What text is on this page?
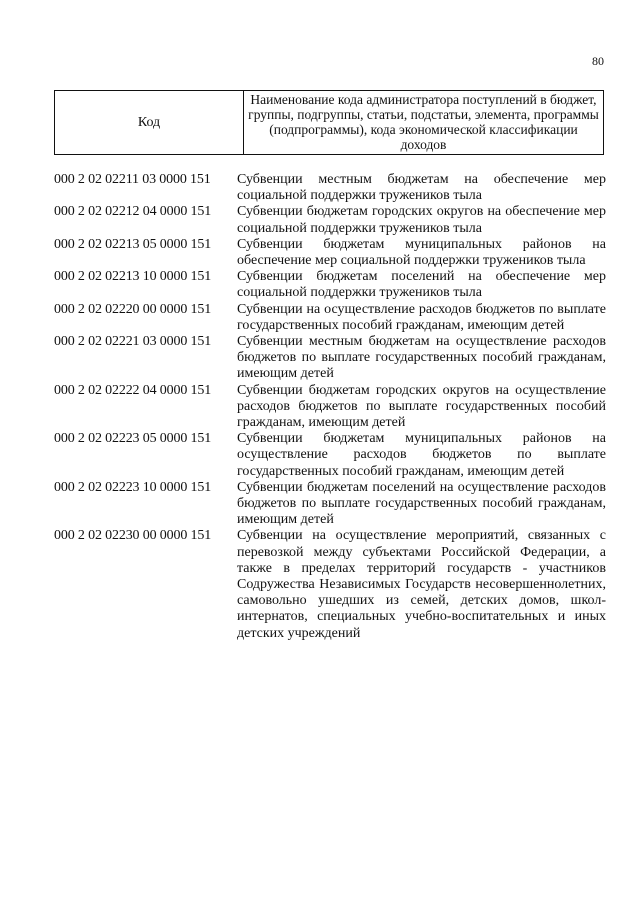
80
Код	Наименование кода администратора поступлений в бюджет, группы, подгруппы, статьи, подстатьи, элемента, программы (подпрограммы), кода экономической классификации доходов
000 2 02 02211 03 0000 151	Субвенции местным бюджетам на обеспечение мер социальной поддержки тружеников тыла
000 2 02 02212 04 0000 151	Субвенции бюджетам городских округов на обеспечение мер социальной поддержки тружеников тыла
000 2 02 02213 05 0000 151	Субвенции бюджетам муниципальных районов на обеспечение мер социальной поддержки тружеников тыла
000 2 02 02213 10 0000 151	Субвенции бюджетам поселений на обеспечение мер социальной поддержки тружеников тыла
000 2 02 02220 00 0000 151	Субвенции на осуществление расходов бюджетов по выплате государственных пособий гражданам, имеющим детей
000 2 02 02221 03 0000 151	Субвенции местным бюджетам на осуществление расходов бюджетов по выплате государственных пособий гражданам, имеющим детей
000 2 02 02222 04 0000 151	Субвенции бюджетам городских округов на осуществление расходов бюджетов по выплате государственных пособий гражданам, имеющим детей
000 2 02 02223 05 0000 151	Субвенции бюджетам муниципальных районов на осуществление расходов бюджетов по выплате государственных пособий гражданам, имеющим детей
000 2 02 02223 10 0000 151	Субвенции бюджетам поселений на осуществление расходов бюджетов по выплате государственных пособий гражданам, имеющим детей
000 2 02 02230 00 0000 151	Субвенции на осуществление мероприятий, связанных с перевозкой между субъектами Российской Федерации, а также в пределах территорий государств - участников Содружества Независимых Государств несовершеннолетних, самовольно ушедших из семей, детских домов, школ-интернатов, специальных учебно-воспитательных и иных детских учреждений
